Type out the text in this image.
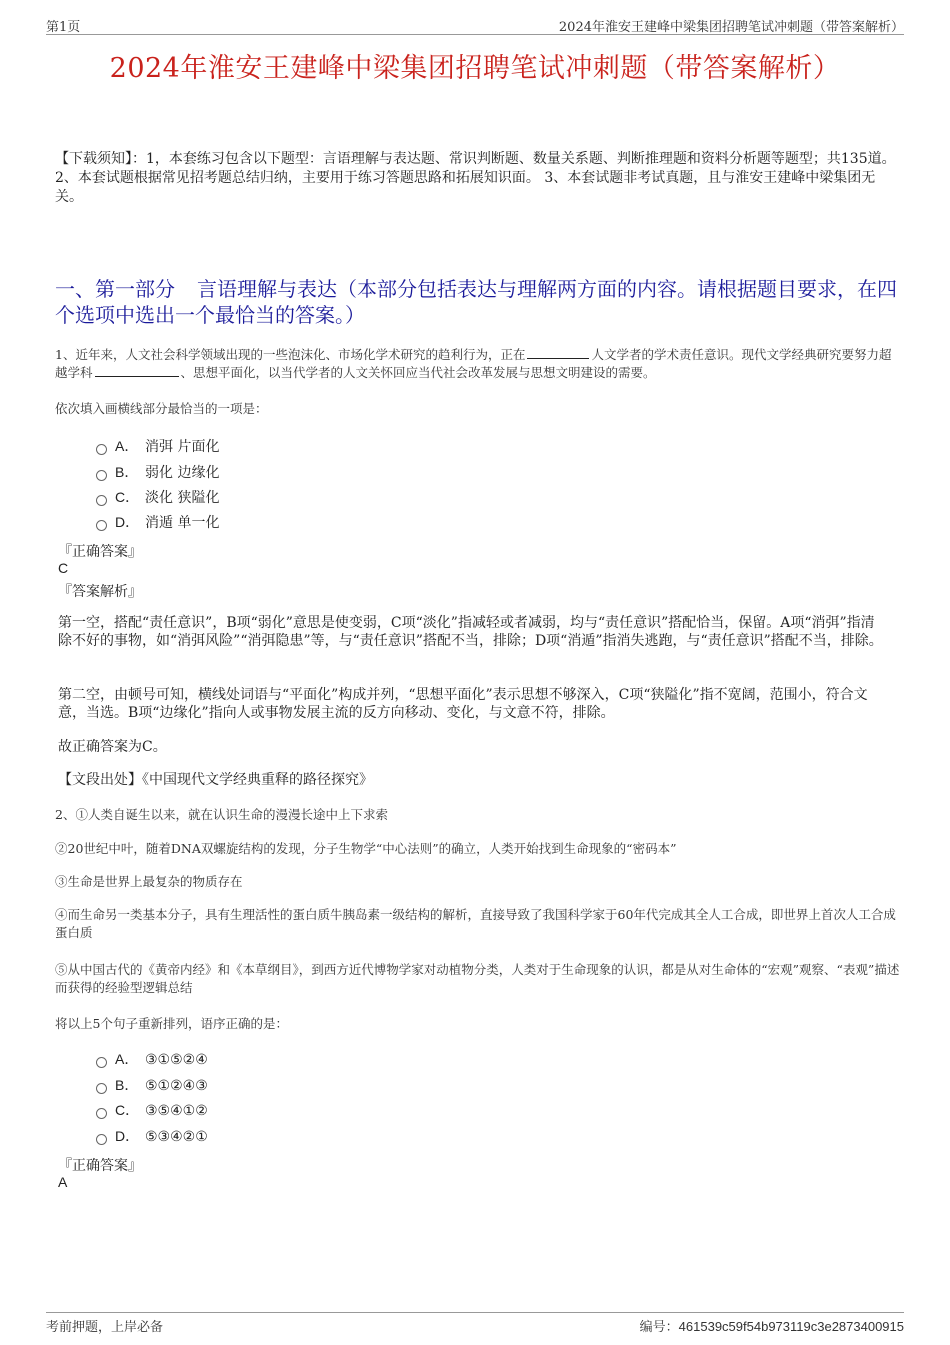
第1页	2024年淮安王建峰中梁集团招聘笔试冲刺题（带答案解析）
2024年淮安王建峰中梁集团招聘笔试冲刺题（带答案解析）
【下载须知】：1，本套练习包含以下题型：言语理解与表达题、常识判断题、数量关系题、判断推理题和资料分析题等题型；共135道。 2、本套试题根据常见招考题总结归纳，主要用于练习答题思路和拓展知识面。 3、本套试题非考试真题，且与淮安王建峰中梁集团无关。
一、第一部分 言语理解与表达（本部分包括表达与理解两方面的内容。请根据题目要求，在四个选项中选出一个最恰当的答案。）
1、近年来，人文社会科学领域出现的一些泡沫化、市场化学术研究的趋利行为，正在	人文学者的学术责任意识。现代文学经典研究要努力超越学科	、思想平面化，以当代学者的人文关怀回应当代社会改革发展与思想文明建设的需要。
依次填入画横线部分最恰当的一项是：
A． 消弭 片面化
B． 弱化 边缘化
C． 淡化 狭隘化
D． 消遁 单一化
『正确答案』
C
『答案解析』
第一空，搭配“责任意识”，B项“弱化”意思是使变弱，C项“淡化”指减轻或者减弱，均与“责任意识”搭配恰当，保留。A项“消弭”指清除不好的事物，如“消弭风险”“消弭隐患”等，与“责任意识”搭配不当，排除；D项“消遁”指消失逃跑，与“责任意识”搭配不当，排除。
第二空，由顿号可知，横线处词语与“平面化”构成并列，“思想平面化”表示思想不够深入，C项“狭隘化”指不宽阔，范围小，符合文意，当选。B项“边缘化”指向人或事物发展主流的反方向移动、变化，与文意不符，排除。
故正确答案为C。
【文段出处】《中国现代文学经典重释的路径探究》
2、①人类自诞生以来，就在认识生命的漫漫长途中上下求索
②20世纪中叶，随着DNA双螺旋结构的发现，分子生物学“中心法则”的确立，人类开始找到生命现象的“密码本”
③生命是世界上最复杂的物质存在
④而生命另一类基本分子，具有生理活性的蛋白质牛胰岛素一级结构的解析，直接导致了我国科学家于60年代完成其全人工合成，即世界上首次人工合成蛋白质
⑤从中国古代的《黄帝内经》和《本草纲目》，到西方近代博物学家对动植物分类，人类对于生命现象的认识，都是从对生命体的“宏观”观察、“表观”描述而获得的经验型逻辑总结
将以上5个句子重新排列，语序正确的是：
A． ③①⑤②④
B． ⑤①②④③
C． ③⑤④①②
D． ⑤③④②①
『正确答案』
A
考前押题，上岸必备	编号：461539c59f54b973119c3e2873400915
